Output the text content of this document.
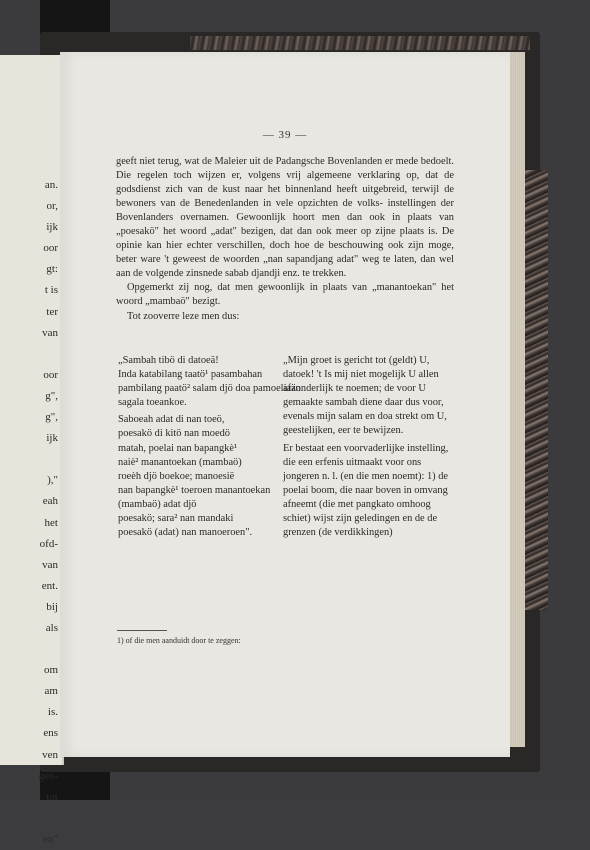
an.
or,
ijk
oor
gt:
t is
ter
van

oor
g",
g",
ijk

),"
eah
het
ofd-
van
ent.
bij
als

om
am
is.
ens
ven
gen-
tot

en"
— 39 —

geeft niet terug, wat de Maleier uit de Padangsche Bovenlanden er mede bedoelt. Die regelen toch wijzen er, volgens vrij algemeene verklaring op, dat de godsdienst zich van de kust naar het binnenland heeft uitgebreid, terwijl de bewoners van de Benedenlanden in vele opzichten de volks- instellingen der Bovenlanders overnamen. Gewoonlijk hoort men dan ook in plaats van „poesakö" het woord „adat" bezigen, dat dan ook meer op zijne plaats is. De opinie kan hier echter verschillen, doch hoe de beschouwing ook zijn moge, beter ware 't geweest de woorden „nan sapandjang adat" weg te laten, dan wel aan de volgende zinsnede sabab djandji enz. te trekken.

Opgemerkt zij nog, dat men gewoonlijk in plaats van „manantoekan" het woord „mambaö" bezigt.

Tot zooverre leze men dus:

„Sambah tibö di datoeä!
Inda katabilang taatö¹ pasambahan pambilang paatö² salam djö doa pamoeliaän sagala toeankoe.

Saboeah adat di nan toeö,
poesakö di kitö nan moedö
matah, poelai nan bapangkè¹
naiè² manantoekan (mambaö)
roeèh djö boekoe; manoesië
nan bapangkè¹ toeroen manantoekan (mambaö) adat djö
poesakö; sara² nan mandaki
poesakö (adat) nan manoeroen".

„Mijn groet is gericht tot (geldt) U, datoek! 't Is mij niet mogelijk U allen afzonderlijk te noemen; de voor U gemaakte sambah diene daar dus voor, evenals mijn salam en doa strekt om U, geestelijken, eer te bewijzen.

Er bestaat een voorvaderlijke instelling, die een erfenis uitmaakt voor ons jongeren n. l. (en die men noemt): 1) de poelai boom, die naar boven in omvang afneemt (die met pangkato omhoog schiet) wijst zijn geledingen en de de grenzen (de verdikkingen)

1) of die men aanduidt door te zeggen:
